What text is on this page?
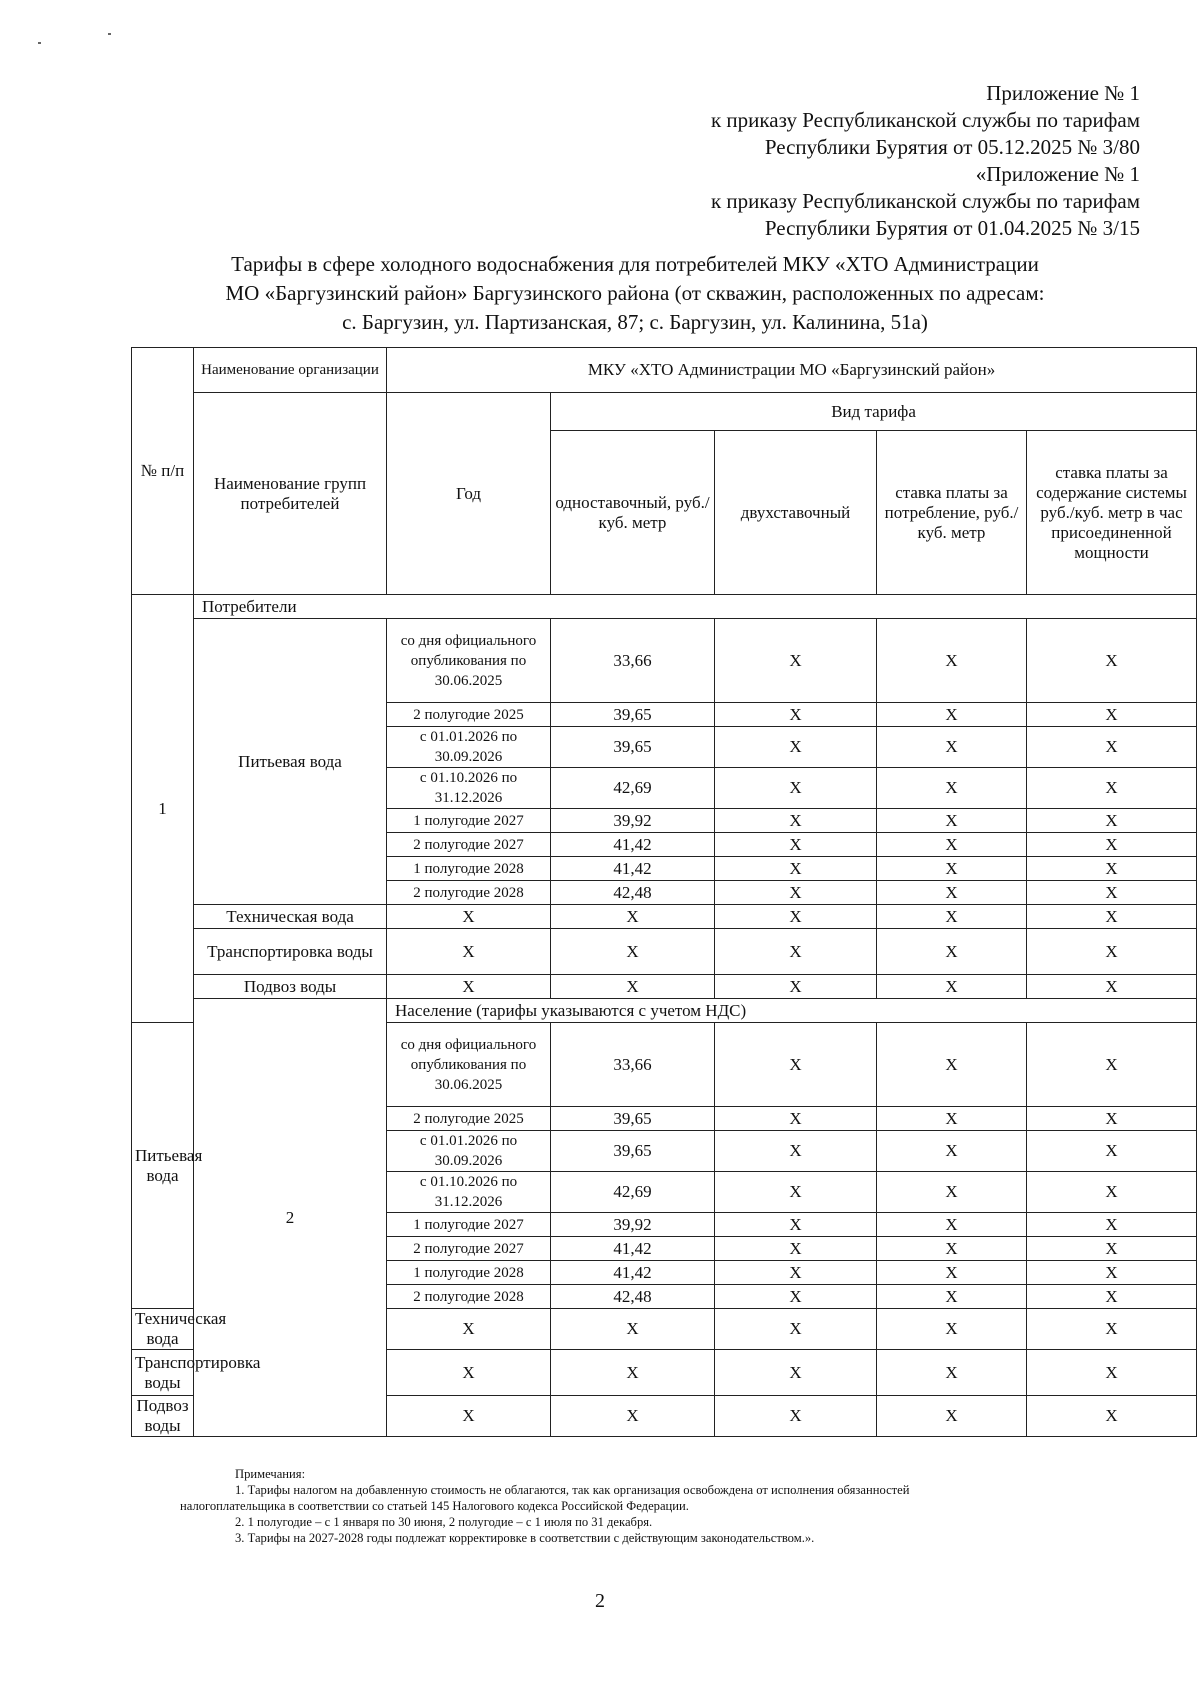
Приложение № 1
к приказу Республиканской службы по тарифам
Республики Бурятия от 05.12.2025 № 3/80
«Приложение № 1
к приказу Республиканской службы по тарифам
Республики Бурятия от 01.04.2025 № 3/15
Тарифы в сфере холодного водоснабжения для потребителей МКУ «ХТО Администрации
МО «Баргузинский район» Баргузинского района (от скважин, расположенных по адресам:
с. Баргузин, ул. Партизанская, 87; с. Баргузин, ул. Калинина, 51а)
№ п/п	Наименование организации	МКУ «ХТО Администрации МО «Баргузинский район»				
	Наименование групп потребителей	Год	Вид тарифа			
			одноставочный, руб./ куб. метр	двухставочный	ставка платы за потребление, руб./ куб. метр	ставка платы за содержание системы руб./куб. метр в час присоединенной мощности
1	Потребители					
	Питьевая вода	со дня официального опубликования по 30.06.2025	33,66	X	X	X
		2 полугодие 2025	39,65	X	X	X
		с 01.01.2026 по 30.09.2026	39,65	X	X	X
		с 01.10.2026 по 31.12.2026	42,69	X	X	X
		1 полугодие 2027	39,92	X	X	X
		2 полугодие 2027	41,42	X	X	X
		1 полугодие 2028	41,42	X	X	X
		2 полугодие 2028	42,48	X	X	X
	Техническая вода	X	X	X	X	X
	Транспортировка воды	X	X	X	X	X
	Подвоз воды	X	X	X	X	X
	2	Население (тарифы указываются с учетом НДС)				
Питьевая вода		со дня официального опубликования по 30.06.2025	33,66	X	X	X
		2 полугодие 2025	39,65	X	X	X
		с 01.01.2026 по 30.09.2026	39,65	X	X	X
		с 01.10.2026 по 31.12.2026	42,69	X	X	X
		1 полугодие 2027	39,92	X	X	X
		2 полугодие 2027	41,42	X	X	X
		1 полугодие 2028	41,42	X	X	X
		2 полугодие 2028	42,48	X	X	X
Техническая вода		X	X	X	X	X
Транспортировка воды		X	X	X	X	X
Подвоз воды		X	X	X	X	X
Примечания:
1. Тарифы налогом на добавленную стоимость не облагаются, так как организация освобождена от исполнения обязанностей
налогоплательщика в соответствии со статьей 145 Налогового кодекса Российской Федерации.
2. 1 полугодие – с 1 января по 30 июня, 2 полугодие – с 1 июля по 31 декабря.
3. Тарифы на 2027-2028 годы подлежат корректировке в соответствии с действующим законодательством.».
2
